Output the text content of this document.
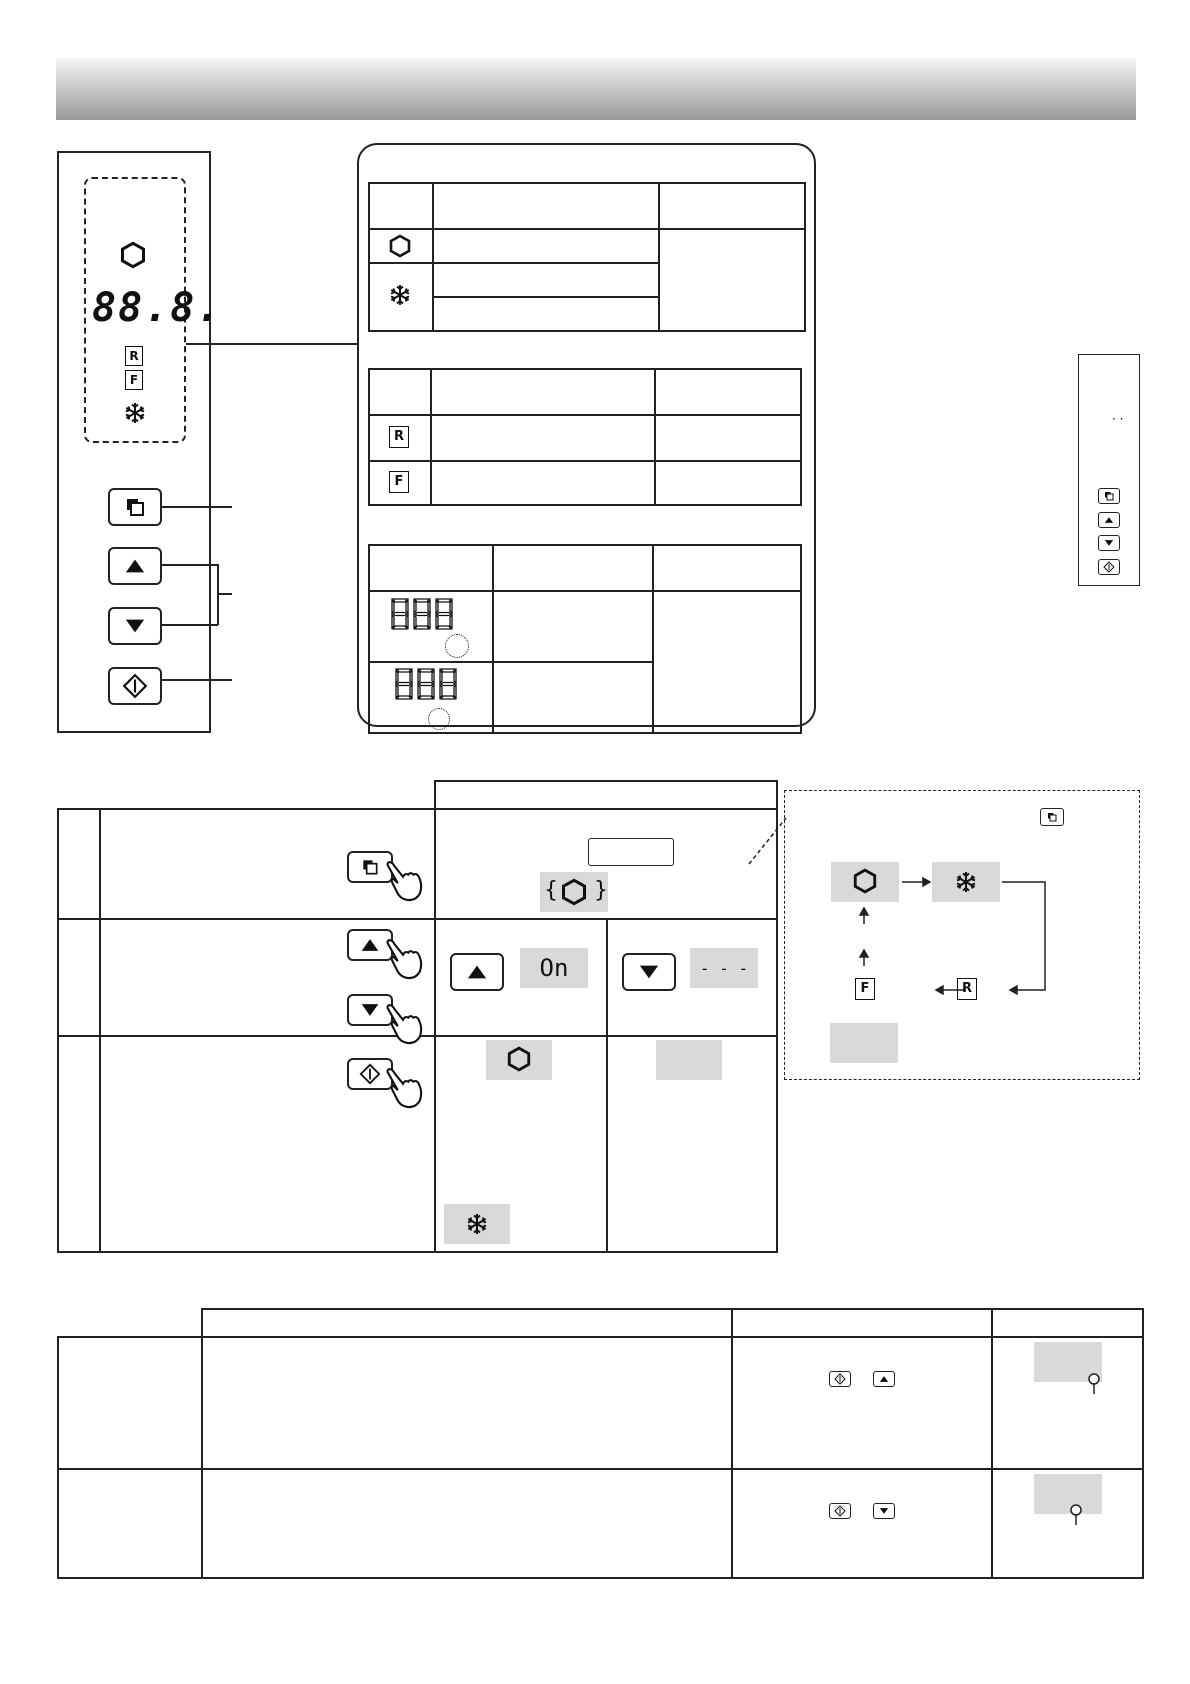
88.8.
R
F
R
F
· ·
{ }
On	- - -
F	R
